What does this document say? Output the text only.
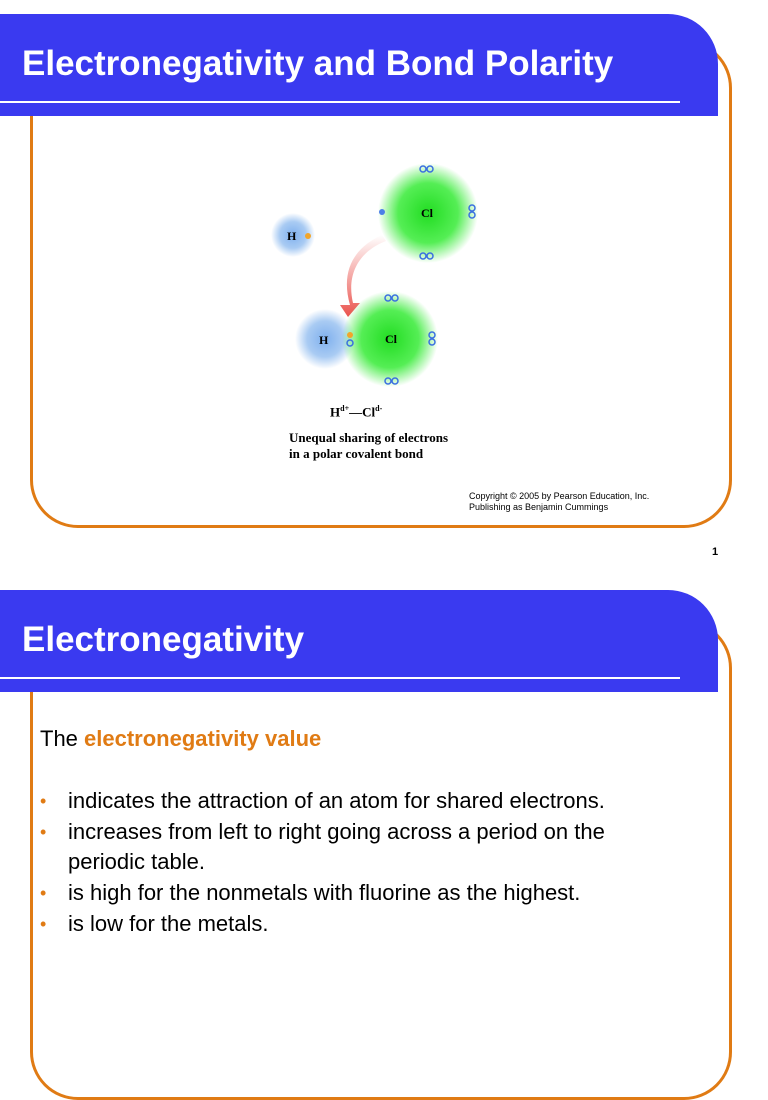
Electronegativity and Bond Polarity
Cl
H
H	Cl
$H^{d+}—Cl^{d-}$
Unequal sharing of electrons
in a polar covalent bond
Copyright © 2005 by Pearson Education, Inc.
Publishing as Benjamin Cummings
1
Electronegativity
The electronegativity value
• indicates the attraction of an atom for shared electrons.
• increases from left to right going across a period on the periodic table.
• is high for the nonmetals with fluorine as the highest.
• is low for the metals.
